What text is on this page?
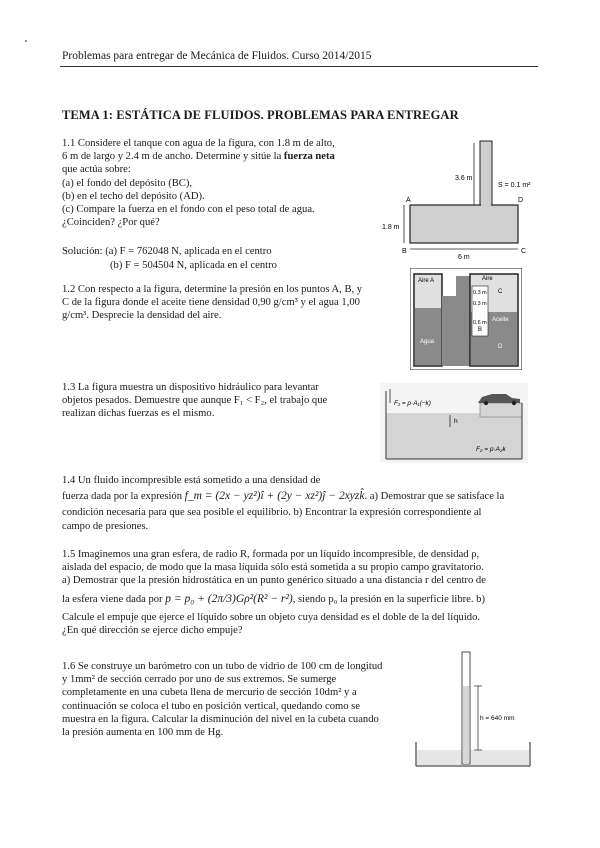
Problemas para entregar de Mecánica de Fluidos. Curso 2014/2015
TEMA 1: ESTÁTICA DE FLUIDOS. PROBLEMAS PARA ENTREGAR
1.1 Considere el tanque con agua de la figura, con 1.8 m de alto,
6 m de largo y 2.4 m de ancho. Determine y sitúe la fuerza neta
que actúa sobre:
(a) el fondo del depósito (BC),
(b) en el techo del depósito (AD).
(c) Compare la fuerza en el fondo con el peso total de agua.
¿Coinciden? ¿Por qué?
Solución: (a) F = 762048 N, aplicada en el centro
(b) F = 504504 N, aplicada en el centro
3.6 m
S = 0.1 m²
1.8 m
6 m
A	D
B	C
1.2 Con respecto a la figura, determine la presión en los puntos A, B, y
C de la figura donde el aceite tiene densidad 0,90 g/cm³ y el agua 1,00
g/cm³. Desprecie la densidad del aire.
Aire A	Aire
0.3 m
0.3 m
0.6 m
B
C
D
Aceite
Agua
1.3 La figura muestra un dispositivo hidráulico para levantar
objetos pesados. Demuestre que aunque F₁ < F₂, el trabajo que
realizan dichas fuerzas es el mismo.
F₁ = p·A₁(−k)
h
F₂ = p·A₂k
1.4 Un fluido incompresible está sometido a una densidad de
fuerza dada por la expresión f_m = (2x − yz²)î + (2y − xz²)ĵ − 2xyzk̂. a) Demostrar que se satisface la
condición necesaria para que sea posible el equilibrio. b) Encontrar la expresión correspondiente al
campo de presiones.
1.5 Imaginemos una gran esfera, de radio R, formada por un líquido incompresible, de densidad ρ,
aislada del espacio, de modo que la masa líquida sólo está sometida a su propio campo gravitatorio.
a) Demostrar que la presión hidrostática en un punto genérico situado a una distancia r del centro de
la esfera viene dada por p = p₀ + (2π/3)Gρ²(R² − r²), siendo p₀ la presión en la superficie libre. b)
Calcule el empuje que ejerce el líquido sobre un objeto cuya densidad es el doble de la del líquido.
¿En qué dirección se ejerce dicho empuje?
1.6 Se construye un barómetro con un tubo de vidrio de 100 cm de longitud
y 1mm² de sección cerrado por uno de sus extremos. Se sumerge
completamente en una cubeta llena de mercurio de sección 10dm² y a
continuación se coloca el tubo en posición vertical, quedando como se
muestra en la figura. Calcular la disminución del nivel en la cubeta cuando
la presión aumenta en 100 mm de Hg.
h = 640 mm
